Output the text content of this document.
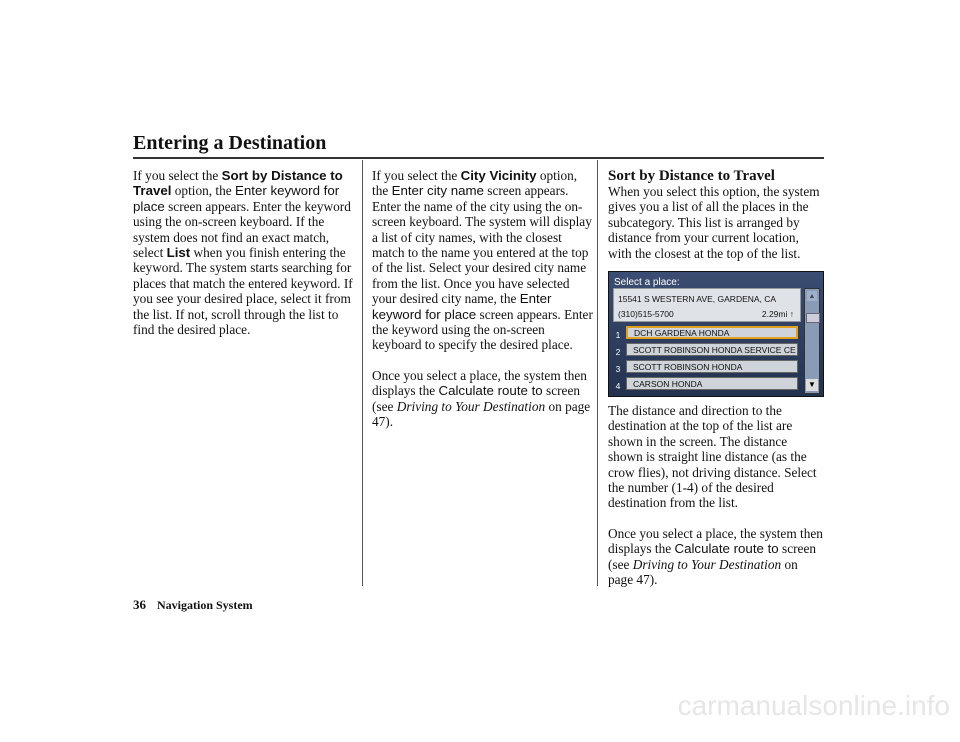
Entering a Destination

If you select the Sort by Distance to Travel option, the Enter keyword for place screen appears. Enter the keyword using the on-screen keyboard. If the system does not find an exact match, select List when you finish entering the keyword. The system starts searching for places that match the entered keyword. If you see your desired place, select it from the list. If not, scroll through the list to find the desired place.

If you select the City Vicinity option, the Enter city name screen appears. Enter the name of the city using the on-screen keyboard. The system will display a list of city names, with the closest match to the name you entered at the top of the list. Select your desired city name from the list. Once you have selected your desired city name, the Enter keyword for place screen appears. Enter the keyword using the on-screen keyboard to specify the desired place.

Once you select a place, the system then displays the Calculate route to screen (see Driving to Your Destination on page 47).

Sort by Distance to Travel

When you select this option, the system gives you a list of all the places in the subcategory. This list is arranged by distance from your current location, with the closest at the top of the list.

Select a place:
15541 S WESTERN AVE, GARDENA, CA
(310)515-5700	2.29mi ↑
1	DCH GARDENA HONDA
2	SCOTT ROBINSON HONDA SERVICE CE
3	SCOTT ROBINSON HONDA
4	CARSON HONDA
▲
▼

The distance and direction to the destination at the top of the list are shown in the screen. The distance shown is straight line distance (as the crow flies), not driving distance. Select the number (1-4) of the desired destination from the list.

Once you select a place, the system then displays the Calculate route to screen (see Driving to Your Destination on page 47).

36 Navigation System
carmanualsonline.info
